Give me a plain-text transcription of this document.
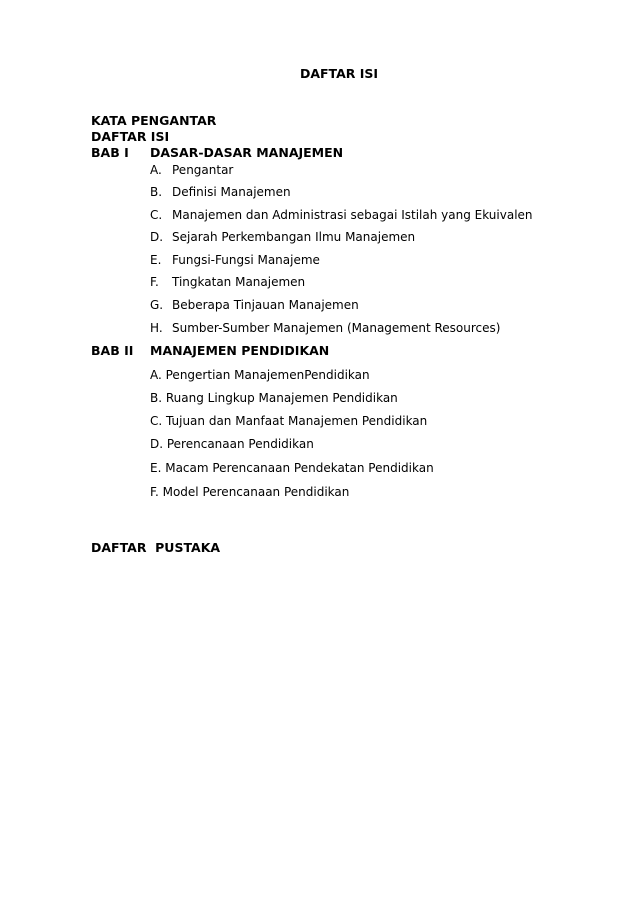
DAFTAR ISI
KATA PENGANTAR
DAFTAR ISI
BAB I DASAR-DASAR MANAJEMEN
A. Pengantar
B. Definisi Manajemen
C. Manajemen dan Administrasi sebagai Istilah yang Ekuivalen
D. Sejarah Perkembangan Ilmu Manajemen
E. Fungsi-Fungsi Manajeme
F. Tingkatan Manajemen
G. Beberapa Tinjauan Manajemen
H. Sumber-Sumber Manajemen (Management Resources)
BAB II MANAJEMEN PENDIDIKAN
A. Pengertian ManajemenPendidikan
B. Ruang Lingkup Manajemen Pendidikan
C. Tujuan dan Manfaat Manajemen Pendidikan
D. Perencanaan Pendidikan
E. Macam Perencanaan Pendekatan Pendidikan
F. Model Perencanaan Pendidikan
DAFTAR  PUSTAKA
